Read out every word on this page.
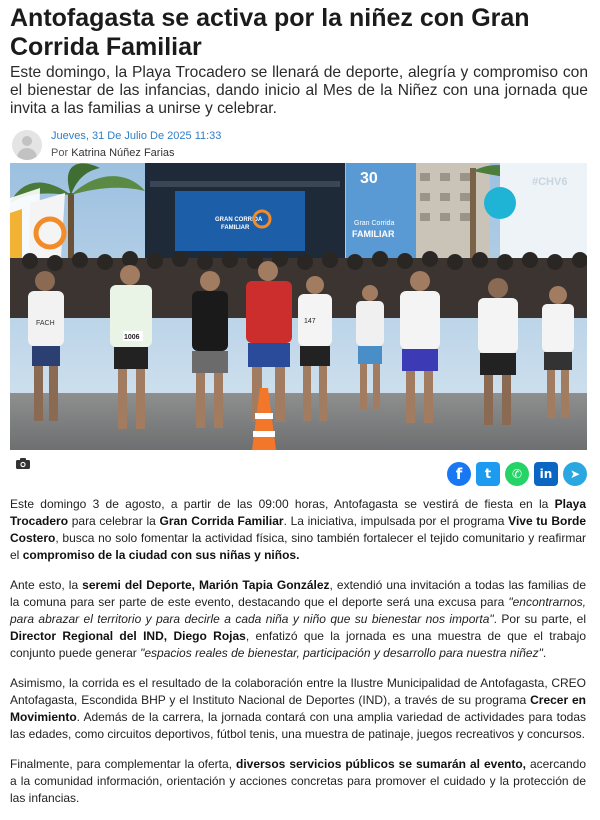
Antofagasta se activa por la niñez con Gran Corrida Familiar

Este domingo, la Playa Trocadero se llenará de deporte, alegría y compromiso con el bienestar de las infancias, dando inicio al Mes de la Niñez con una jornada que invita a las familias a unirse y celebrar.

Jueves, 31 De Julio De 2025 11:33
Por Katrina Núñez Farias
GRAN CORRIDA
FAMILIAR
30
Gran Corrida
FAMILIAR
#CHV6
FACH
1006
147
f	t	✆	in	➤

Este domingo 3 de agosto, a partir de las 09:00 horas, Antofagasta se vestirá de fiesta en la Playa Trocadero para celebrar la Gran Corrida Familiar. La iniciativa, impulsada por el programa Vive tu Borde Costero, busca no solo fomentar la actividad física, sino también fortalecer el tejido comunitario y reafirmar el compromiso de la ciudad con sus niñas y niños.

Ante esto, la seremi del Deporte, Marión Tapia González, extendió una invitación a todas las familias de la comuna para ser parte de este evento, destacando que el deporte será una excusa para "encontrarnos, para abrazar el territorio y para decirle a cada niña y niño que su bienestar nos importa". Por su parte, el Director Regional del IND, Diego Rojas, enfatizó que la jornada es una muestra de que el trabajo conjunto puede generar "espacios reales de bienestar, participación y desarrollo para nuestra niñez".

Asimismo, la corrida es el resultado de la colaboración entre la Ilustre Municipalidad de Antofagasta, CREO Antofagasta, Escondida BHP y el Instituto Nacional de Deportes (IND), a través de su programa Crecer en Movimiento. Además de la carrera, la jornada contará con una amplia variedad de actividades para todas las edades, como circuitos deportivos, fútbol tenis, una muestra de patinaje, juegos recreativos y concursos.

Finalmente, para complementar la oferta, diversos servicios públicos se sumarán al evento, acercando a la comunidad información, orientación y acciones concretas para promover el cuidado y la protección de las infancias.
